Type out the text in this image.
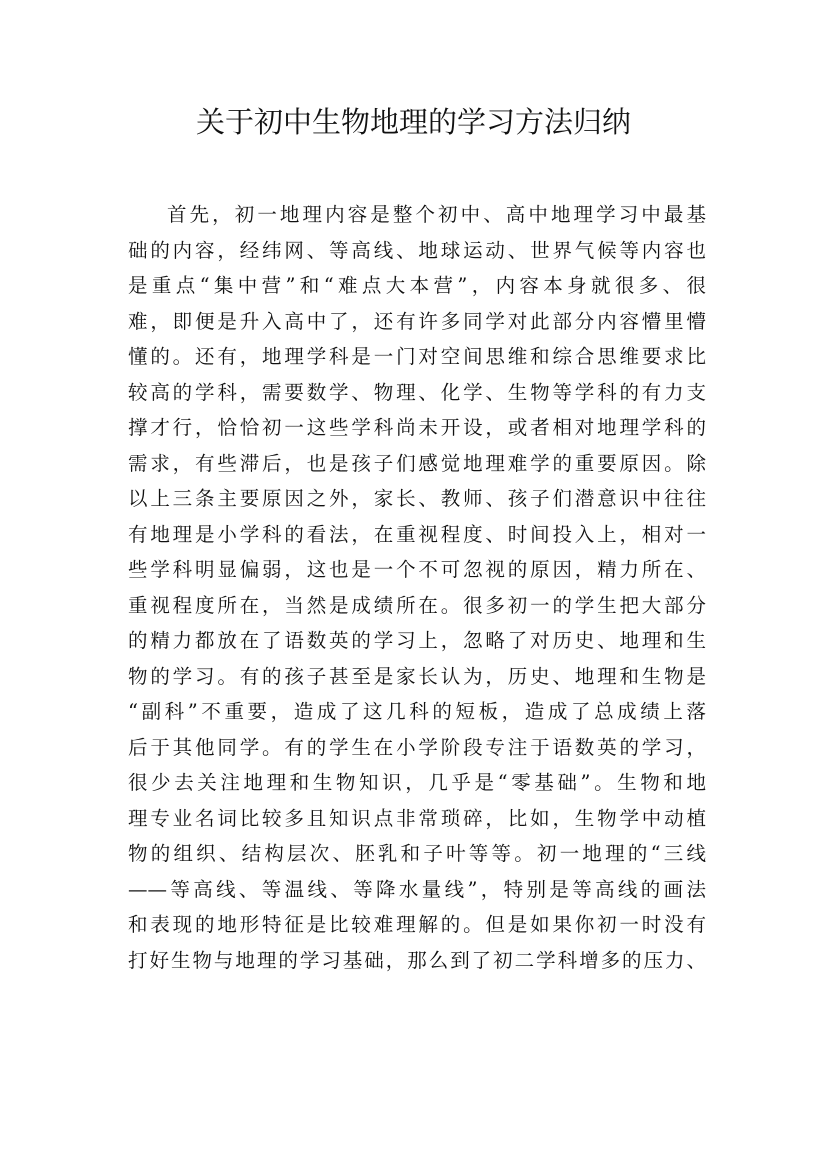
关于初中生物地理的学习方法归纳
首先，初一地理内容是整个初中、高中地理学习中最基
础的内容，经纬网、等高线、地球运动、世界气候等内容也
是重点“集中营”和“难点大本营”，内容本身就很多、很
难，即便是升入高中了，还有许多同学对此部分内容懵里懵
懂的。还有，地理学科是一门对空间思维和综合思维要求比
较高的学科，需要数学、物理、化学、生物等学科的有力支
撑才行，恰恰初一这些学科尚未开设，或者相对地理学科的
需求，有些滞后，也是孩子们感觉地理难学的重要原因。除
以上三条主要原因之外，家长、教师、孩子们潜意识中往往
有地理是小学科的看法，在重视程度、时间投入上，相对一
些学科明显偏弱，这也是一个不可忽视的原因，精力所在、
重视程度所在，当然是成绩所在。很多初一的学生把大部分
的精力都放在了语数英的学习上，忽略了对历史、地理和生
物的学习。有的孩子甚至是家长认为，历史、地理和生物是
“副科”不重要，造成了这几科的短板，造成了总成绩上落
后于其他同学。有的学生在小学阶段专注于语数英的学习，
很少去关注地理和生物知识，几乎是“零基础”。生物和地
理专业名词比较多且知识点非常琐碎，比如，生物学中动植
物的组织、结构层次、胚乳和子叶等等。初一地理的“三线
——等高线、等温线、等降水量线”，特别是等高线的画法
和表现的地形特征是比较难理解的。但是如果你初一时没有
打好生物与地理的学习基础，那么到了初二学科增多的压力、
